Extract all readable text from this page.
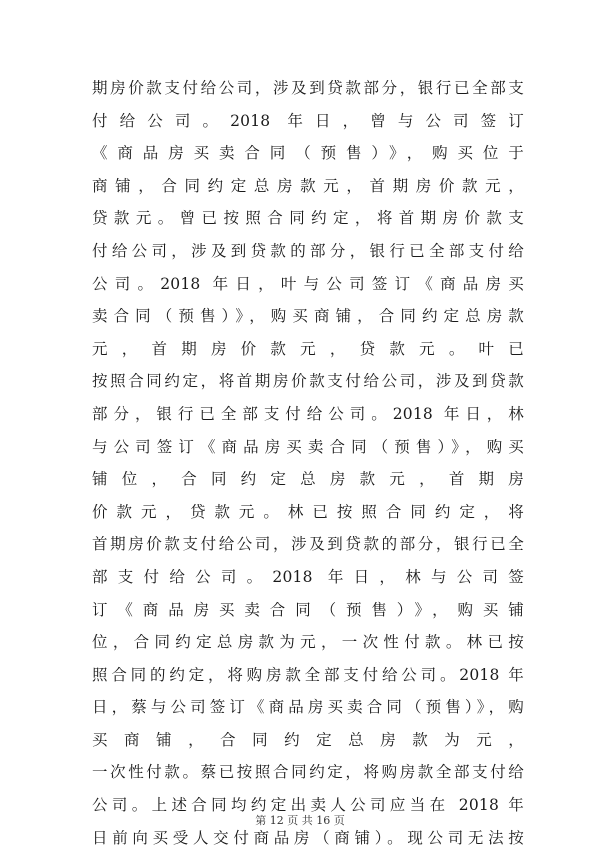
期房价款支付给公司，涉及到贷款部分，银行已全部支
付给公司。2018 年日，曾与公司签订
《商品房买卖合同（预售）》，购买位于
商铺，合同约定总房款元，首期房价款元，
贷款元。曾已按照合同约定，将首期房价款支
付给公司，涉及到贷款的部分，银行已全部支付给
公司。2018 年日，叶与公司签订《商品房买
卖合同（预售）》，购买商铺，合同约定总房款
元，首期房价款元，贷款元。叶已
按照合同约定，将首期房价款支付给公司，涉及到贷款
部分，银行已全部支付给公司。2018 年日，林
与公司签订《商品房买卖合同（预售）》，购买
铺位，合同约定总房款元，首期房
价款元，贷款元。林已按照合同约定，将
首期房价款支付给公司，涉及到贷款的部分，银行已全
部支付给公司。2018 年日，林与公司签
订《商品房买卖合同（预售）》，购买铺
位，合同约定总房款为元，一次性付款。林已按
照合同的约定，将购房款全部支付给公司。2018 年
日，蔡与公司签订《商品房买卖合同（预售）》，购
买商铺，合同约定总房款为元，
一次性付款。蔡已按照合同约定，将购房款全部支付给
公司。上述合同均约定出卖人公司应当在 2018 年
日前向买受人交付商品房（商铺）。现公司无法按
第 12 页 共 16 页
